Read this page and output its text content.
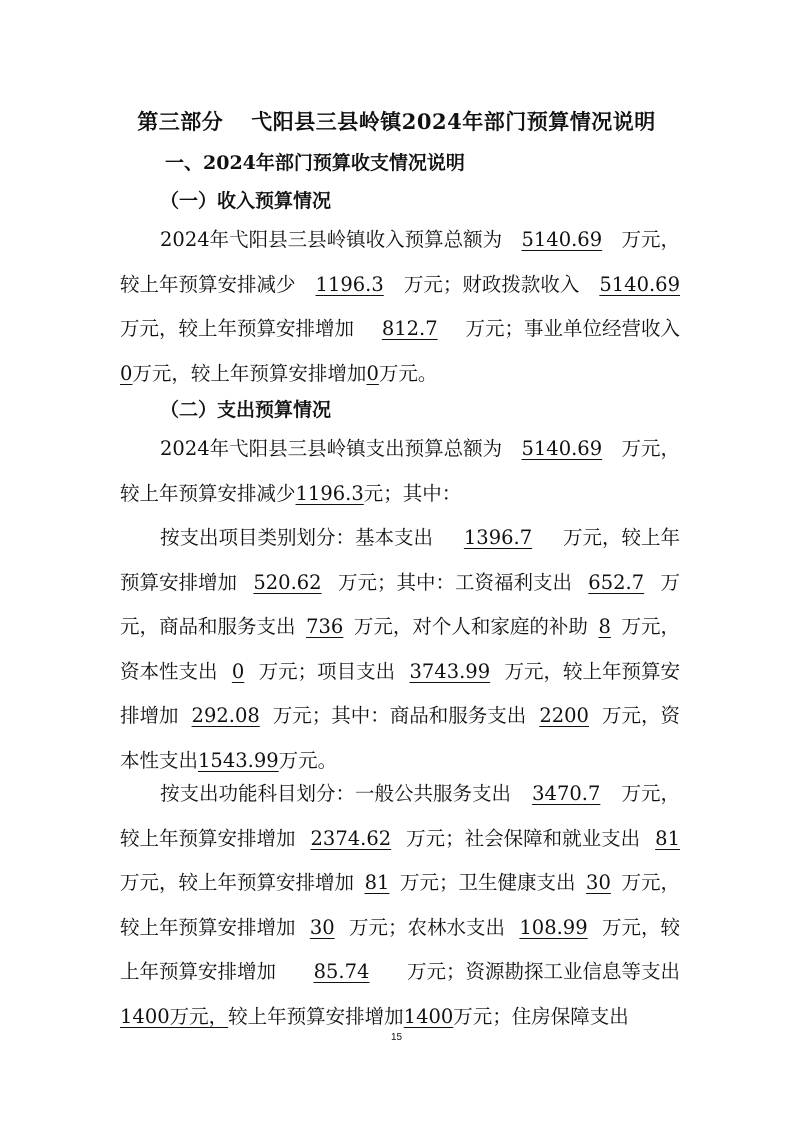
第三部分 弋阳县三县岭镇2024年部门预算情况说明
一、2024年部门预算收支情况说明
（一）收入预算情况
2024年弋阳县三县岭镇收入预算总额为 5140.69 万元，
较上年预算安排减少 1196.3 万元；财政拨款收入 5140.69
万元，较上年预算安排增加 812.7 万元；事业单位经营收入
0 万元，较上年预算安排增加 0 万元。
（二）支出预算情况
2024年弋阳县三县岭镇支出预算总额为 5140.69 万元，
较上年预算安排减少 1196.3 元；其中：
按支出项目类别划分：基本支出 1396.7 万元，较上年
预算安排增加 520.62 万元；其中：工资福利支出 652.7 万
元，商品和服务支出 736 万元，对个人和家庭的补助 8 万元，
资本性支出 0 万元；项目支出 3743.99 万元，较上年预算安
排增加 292.08 万元；其中：商品和服务支出 2200 万元，资
本性支出 1543.99 万元。
按支出功能科目划分：一般公共服务支出 3470.7 万元，
较上年预算安排增加 2374.62 万元；社会保障和就业支出 81
万元，较上年预算安排增加 81 万元；卫生健康支出 30 万元，
较上年预算安排增加 30 万元；农林水支出 108.99 万元，较
上年预算安排增加 85.74 万元；资源勘探工业信息等支出
1400万元， 较上年预算安排增加 1400 万元；住房保障支出
15
